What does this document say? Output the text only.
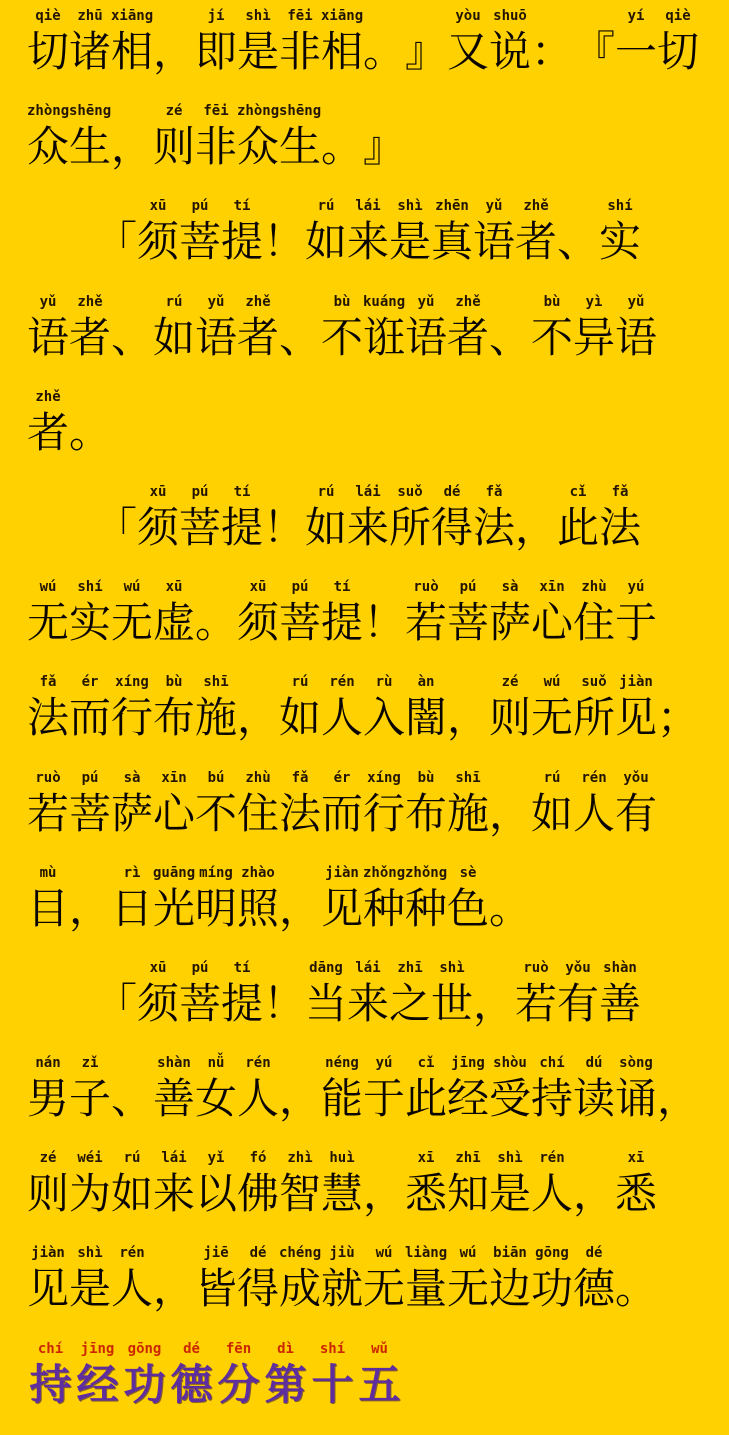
qiè
切
zhū
诸
xiāng
相
，
jí
即
shì
是
fēi
非
xiāng
相
。
』
yòu
又
shuō
说
：
『
yí
一
qiè
切
zhòng
众
shēng
生
，
zé
则
fēi
非
zhòng
众
shēng
生
。
』

「
xū
须
pú
菩
tí
提
！
rú
如
lái
来
shì
是
zhēn
真
yǔ
语
zhě
者
、
shí
实
yǔ
语
zhě
者
、
rú
如
yǔ
语
zhě
者
、
bù
不
kuáng
诳
yǔ
语
zhě
者
、
bù
不
yì
异
yǔ
语
zhě
者
。

「
xū
须
pú
菩
tí
提
！
rú
如
lái
来
suǒ
所
dé
得
fǎ
法
，
cǐ
此
fǎ
法
wú
无
shí
实
wú
无
xū
虚
。
xū
须
pú
菩
tí
提
！
ruò
若
pú
菩
sà
萨
xīn
心
zhù
住
yú
于
fǎ
法
ér
而
xíng
行
bù
布
shī
施
，
rú
如
rén
人
rù
入
àn
闇
，
zé
则
wú
无
suǒ
所
jiàn
见
；
ruò
若
pú
菩
sà
萨
xīn
心
bú
不
zhù
住
fǎ
法
ér
而
xíng
行
bù
布
shī
施
，
rú
如
rén
人
yǒu
有
mù
目
，
rì
日
guāng
光
míng
明
zhào
照
，
jiàn
见
zhǒng
种
zhǒng
种
sè
色
。

「
xū
须
pú
菩
tí
提
！
dāng
当
lái
来
zhī
之
shì
世
，
ruò
若
yǒu
有
shàn
善
nán
男
zǐ
子
、
shàn
善
nǚ
女
rén
人
，
néng
能
yú
于
cǐ
此
jīng
经
shòu
受
chí
持
dú
读
sòng
诵
，
zé
则
wéi
为
rú
如
lái
来
yǐ
以
fó
佛
zhì
智
huì
慧
，
xī
悉
zhī
知
shì
是
rén
人
，
xī
悉
jiàn
见
shì
是
rén
人
，
jiē
皆
dé
得
chéng
成
jiù
就
wú
无
liàng
量
wú
无
biān
边
gōng
功
dé
德
。
chí
持
jīng
经
gōng
功
dé
德
fēn
分
dì
第
shí
十
wǔ
五
